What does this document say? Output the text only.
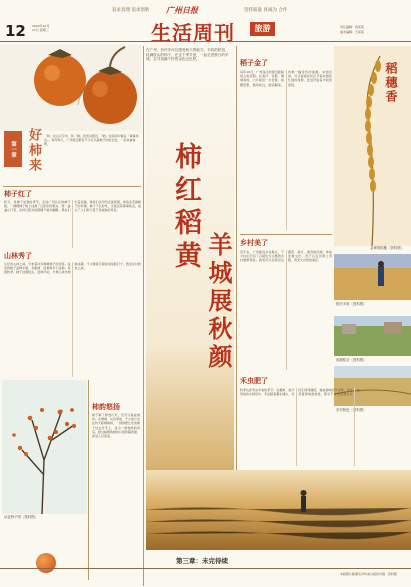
12 2023年10月
17日 星期二
追求真理 追求创新	坚持质量 真诚为 合作
广州日报
生活周刊	旅游	责任编辑：杨某某
美术编辑：王某某
第一章 好柿来	「秋」在古汉字中，和「柿」的发音相近，『柿』在民间中寓意「事事如意」。每年秋天，广州周边都有不少可以摘柿子的好去处，一起来看看吧。
柿子红了
秋天，是柿子成熟的季节。走进广州从化的柿子园，一棵棵柿子树上挂满了红彤彤的果实，像一盏盏小灯笼，在秋日阳光的照耀下格外耀眼。果农们忙着采摘，游客们也纷纷走进果园，体验亲手摘柿子的乐趣。柿子不仅好吃，还寓意着事事如意，成为了人们秋天里不可或缺的风景。
山林秀了
从化的山林之间，分布着许多种植柿子的村落。这里的柿子品种丰富，有甜柿、涩柿等多个品种。每到秋季，柿子挂满枝头，层林尽染，与青山绿水相映成趣。不少游客专程前来拍照打卡，感受乡村秋色之美。
从化柿子园（资料图）
柿韵悠扬
柿子除了鲜食以外，还可以做成柿饼。在增城、从化等地，不少农户会在秋天晾晒柿饼，一排排橙红色的柿子挂在竹竿上，成为一道独特的风景。经过晾晒的柿饼口感软糯香甜，深受人们喜爱。
在广州，有许多可以感受秋天的地方。丰收的稻田，挂满枝头的柿子，在这个季节里，一起走进秋日的羊城，去寻找属于你的金色记忆吧。
柿红稻黄
羊城展秋颜
第三章：未完待续
稻子金了
每年10月，广州各区的稻田陆续进入收获期。在南沙、花都、增城等地，大片稻田一片金黄，稻穗低垂，微风吹过，稻浪翻滚，仿佛一幅金色的油画。来到田间，可以看到农民们开着收割机忙碌的身影，处处洋溢着丰收的喜悦。	稻穗香
金黄的稻穗（资料图）
稻田丰收（资料图）
收割稻谷（资料图）
乡村秋色（资料图）
乡村美了
近年来，广州推进乡村振兴，不少村庄打造了以稻田为主题的乡村旅游项目。游客可以在稻田边露营、骑行、观赏稻田画，体验农耕文化。孩子们在田埂上奔跑，感受大自然的美好。
禾虫肥了
秋季也是禾虫丰收的季节。在番禺、南沙等地的水稻田中，禾虫随着潮水涌出，村民们用网捕捞，做成美味的禾虫煲、禾虫蒸蛋等地道美食，吸引不少食客慕名前来。
本版图片除署名外均来自视觉中国 · 资料图
